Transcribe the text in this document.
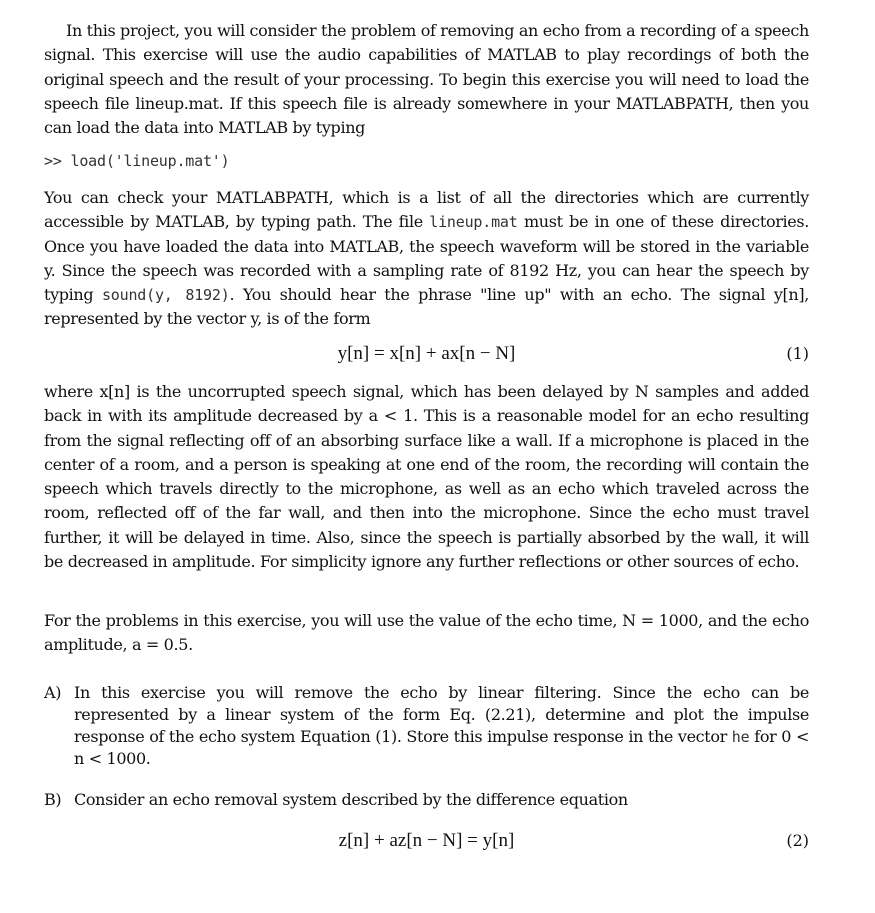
In this project, you will consider the problem of removing an echo from a recording of a speech signal. This exercise will use the audio capabilities of MATLAB to play recordings of both the original speech and the result of your processing. To begin this exercise you will need to load the speech file lineup.mat. If this speech file is already somewhere in your MATLABPATH, then you can load the data into MATLAB by typing

>> load('lineup.mat')

You can check your MATLABPATH, which is a list of all the directories which are currently accessible by MATLAB, by typing path. The file lineup.mat must be in one of these directories. Once you have loaded the data into MATLAB, the speech waveform will be stored in the variable y. Since the speech was recorded with a sampling rate of 8192 Hz, you can hear the speech by typing sound(y, 8192). You should hear the phrase "line up" with an echo. The signal y[n], represented by the vector y, is of the form

y[n] = x[n] + ax[n − N]	(1)

where x[n] is the uncorrupted speech signal, which has been delayed by N samples and added back in with its amplitude decreased by a < 1. This is a reasonable model for an echo resulting from the signal reflecting off of an absorbing surface like a wall. If a microphone is placed in the center of a room, and a person is speaking at one end of the room, the recording will contain the speech which travels directly to the microphone, as well as an echo which traveled across the room, reflected off of the far wall, and then into the microphone. Since the echo must travel further, it will be delayed in time. Also, since the speech is partially absorbed by the wall, it will be decreased in amplitude. For simplicity ignore any further reflections or other sources of echo.

For the problems in this exercise, you will use the value of the echo time, N = 1000, and the echo amplitude, a = 0.5.

A) In this exercise you will remove the echo by linear filtering. Since the echo can be represented by a linear system of the form Eq. (2.21), determine and plot the impulse response of the echo system Equation (1). Store this impulse response in the vector he for 0 < n < 1000.
B) Consider an echo removal system described by the difference equation
z[n] + az[n − N] = y[n]	(2)
